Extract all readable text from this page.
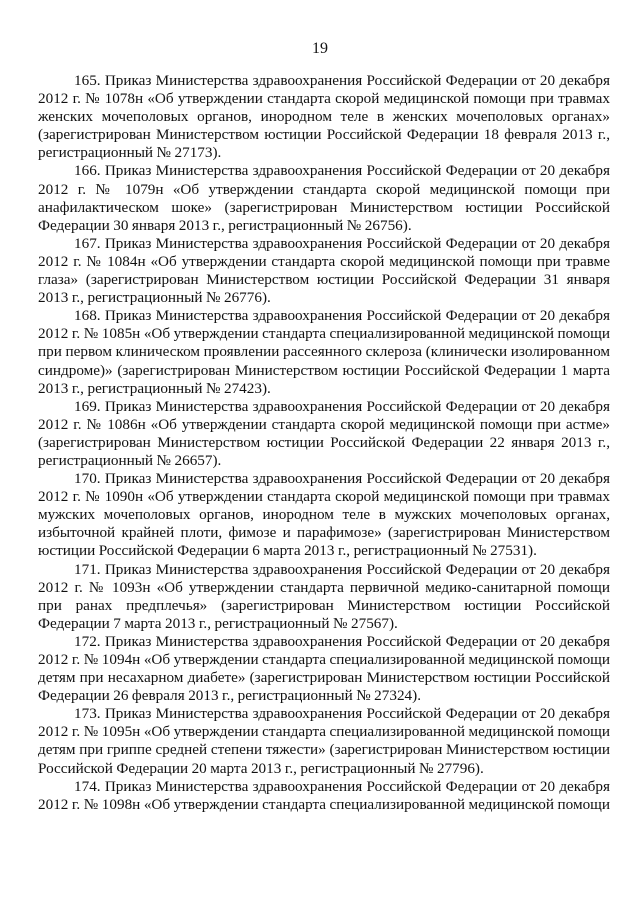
19

165. Приказ Министерства здравоохранения Российской Федерации от 20 декабря 2012 г. № 1078н «Об утверждении стандарта скорой медицинской помощи при травмах женских мочеполовых органов, инородном теле в женских мочеполовых органах» (зарегистрирован Министерством юстиции Российской Федерации 18 февраля 2013 г., регистрационный № 27173).

166. Приказ Министерства здравоохранения Российской Федерации от 20 декабря 2012 г. № 1079н «Об утверждении стандарта скорой медицинской помощи при анафилактическом шоке» (зарегистрирован Министерством юстиции Российской Федерации 30 января 2013 г., регистрационный № 26756).

167. Приказ Министерства здравоохранения Российской Федерации от 20 декабря 2012 г. № 1084н «Об утверждении стандарта скорой медицинской помощи при травме глаза» (зарегистрирован Министерством юстиции Российской Федерации 31 января 2013 г., регистрационный № 26776).

168. Приказ Министерства здравоохранения Российской Федерации от 20 декабря 2012 г. № 1085н «Об утверждении стандарта специализированной медицинской помощи при первом клиническом проявлении рассеянного склероза (клинически изолированном синдроме)» (зарегистрирован Министерством юстиции Российской Федерации 1 марта 2013 г., регистрационный № 27423).

169. Приказ Министерства здравоохранения Российской Федерации от 20 декабря 2012 г. № 1086н «Об утверждении стандарта скорой медицинской помощи при астме» (зарегистрирован Министерством юстиции Российской Федерации 22 января 2013 г., регистрационный № 26657).

170. Приказ Министерства здравоохранения Российской Федерации от 20 декабря 2012 г. № 1090н «Об утверждении стандарта скорой медицинской помощи при травмах мужских мочеполовых органов, инородном теле в мужских мочеполовых органах, избыточной крайней плоти, фимозе и парафимозе» (зарегистрирован Министерством юстиции Российской Федерации 6 марта 2013 г., регистрационный № 27531).

171. Приказ Министерства здравоохранения Российской Федерации от 20 декабря 2012 г. № 1093н «Об утверждении стандарта первичной медико-санитарной помощи при ранах предплечья» (зарегистрирован Министерством юстиции Российской Федерации 7 марта 2013 г., регистрационный № 27567).

172. Приказ Министерства здравоохранения Российской Федерации от 20 декабря 2012 г. № 1094н «Об утверждении стандарта специализированной медицинской помощи детям при несахарном диабете» (зарегистрирован Министерством юстиции Российской Федерации 26 февраля 2013 г., регистрационный № 27324).

173. Приказ Министерства здравоохранения Российской Федерации от 20 декабря 2012 г. № 1095н «Об утверждении стандарта специализированной медицинской помощи детям при гриппе средней степени тяжести» (зарегистрирован Министерством юстиции Российской Федерации 20 марта 2013 г., регистрационный № 27796).

174. Приказ Министерства здравоохранения Российской Федерации от 20 декабря 2012 г. № 1098н «Об утверждении стандарта специализированной медицинской помощи
